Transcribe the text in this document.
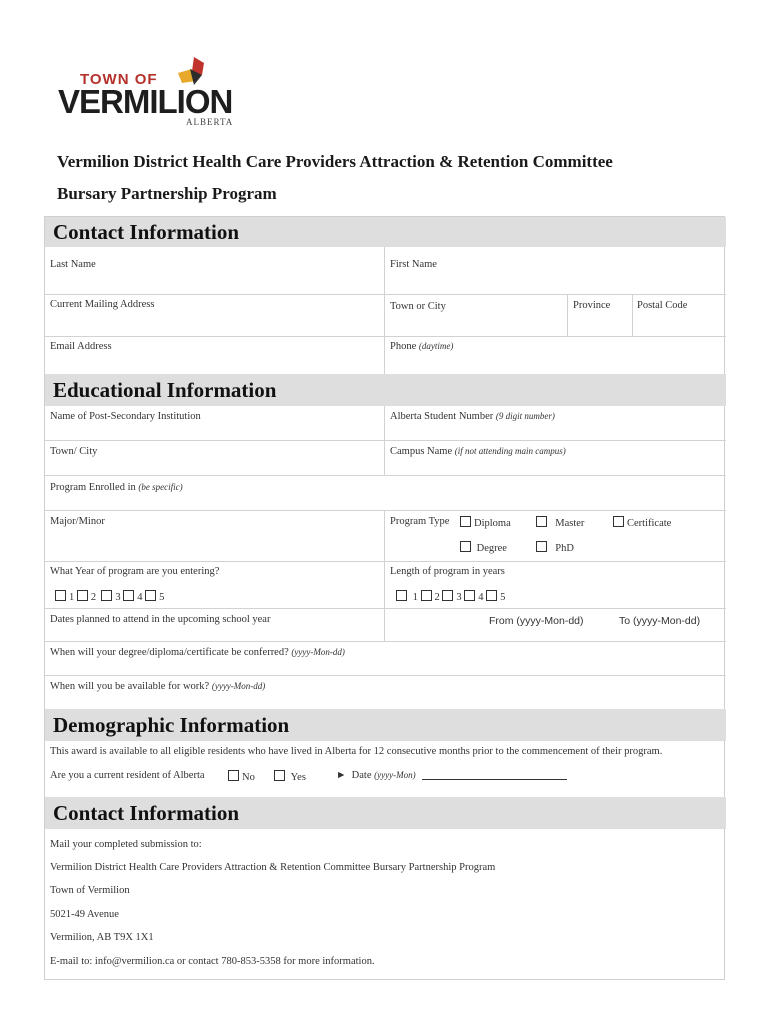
TOWN OF
VERMILION
ALBERTA
Vermilion District Health Care Providers Attraction & Retention Committee
Bursary Partnership Program
Contact Information
Last Name	First Name
Current Mailing Address	Town or City	Province	Postal Code
Email Address	Phone (daytime)
Educational Information
Name of Post-Secondary Institution	Alberta Student Number (9 digit number)
Town/ City	Campus Name (if not attending main campus)
Program Enrolled in (be specific)
Major/Minor	Program Type	Diploma	Master	Certificate
Degree	PhD
What Year of program are you entering?	Length of program in years
1 2 3 4 5	1 2 3 4 5
Dates planned to attend in the upcoming school year	From (yyyy-Mon-dd)	To (yyyy-Mon-dd)
When will your degree/diploma/certificate be conferred? (yyyy-Mon-dd)
When will you be available for work? (yyyy-Mon-dd)
Demographic Information
This award is available to all eligible residents who have lived in Alberta for 12 consecutive months prior to the commencement of their program.
Are you a current resident of Alberta	No	Yes	► Date (yyyy-Mon)
Contact Information
Mail your completed submission to:
Vermilion District Health Care Providers Attraction & Retention Committee Bursary Partnership Program
Town of Vermilion
5021-49 Avenue
Vermilion, AB T9X 1X1
E-mail to: info@vermilion.ca or contact 780-853-5358 for more information.
